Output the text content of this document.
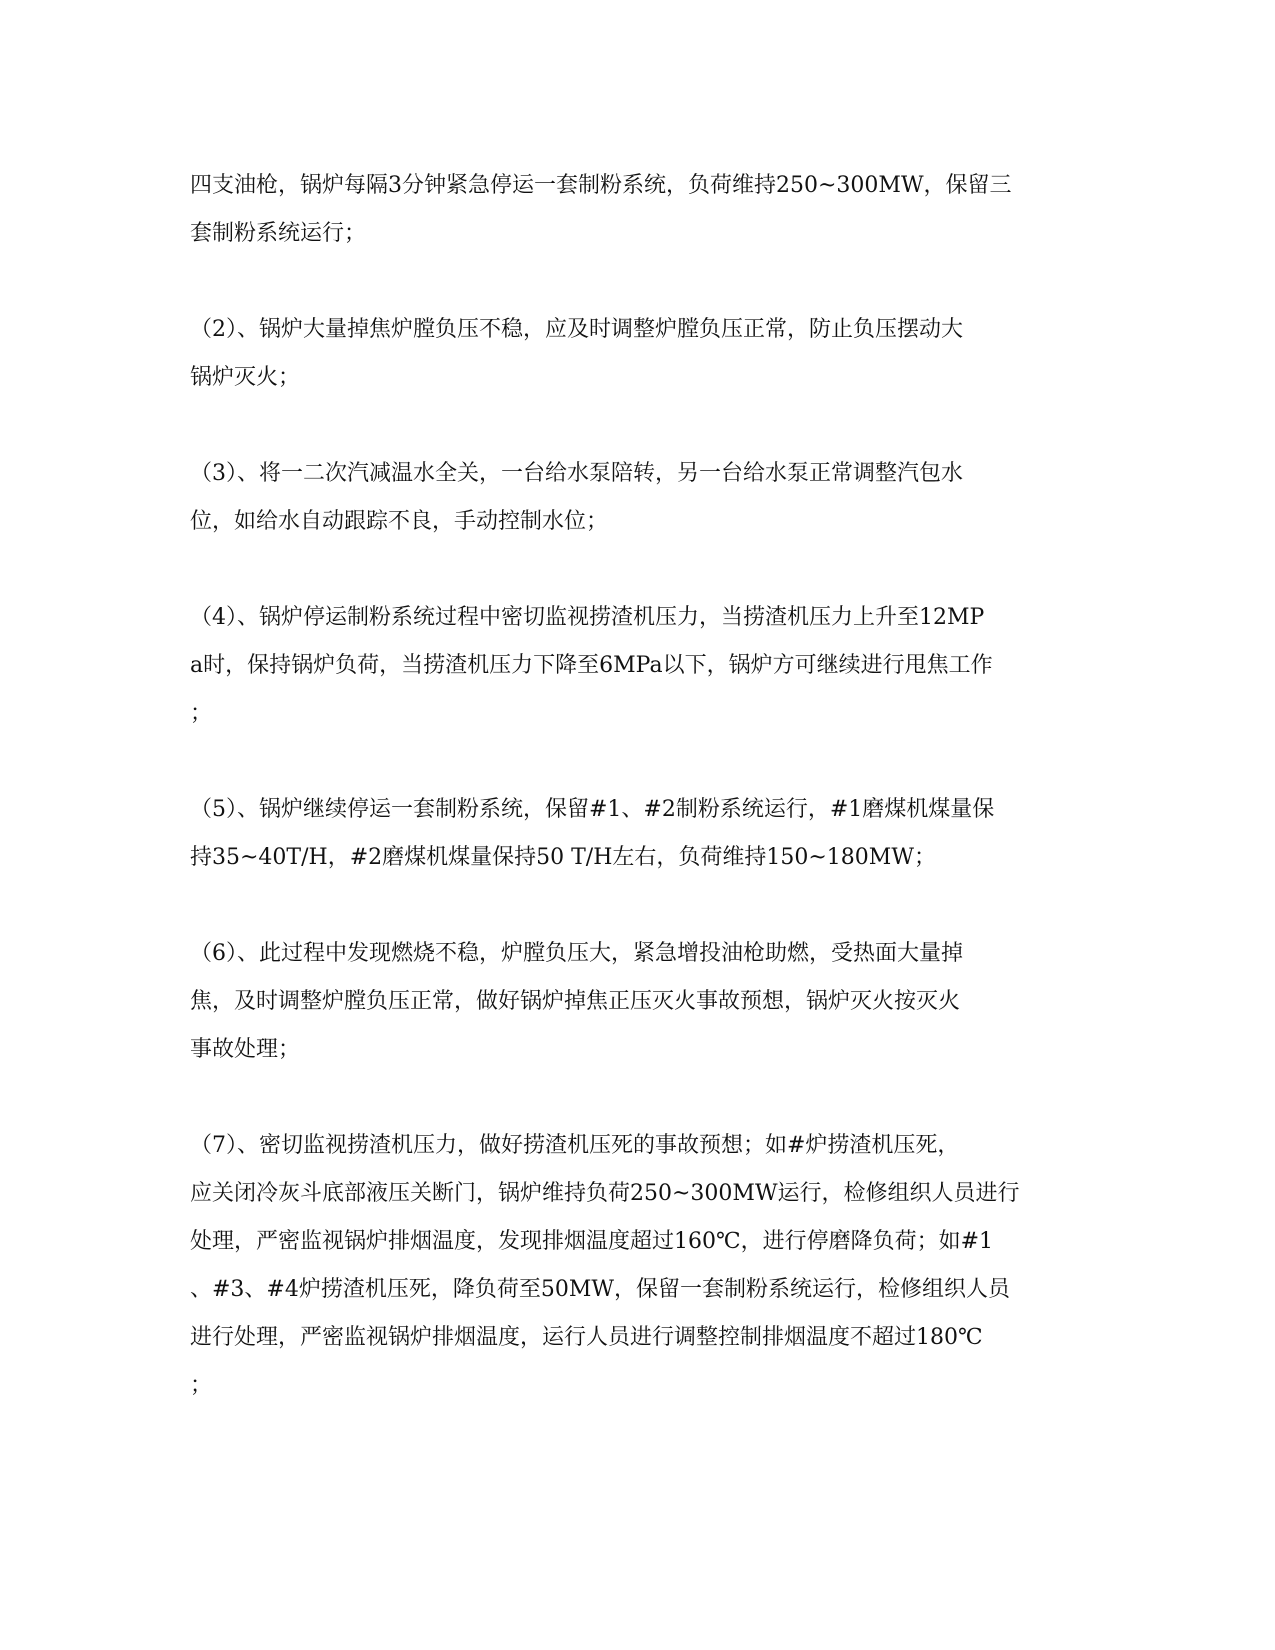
四支油枪，锅炉每隔3分钟紧急停运一套制粉系统，负荷维持250~300MW，保留三
套制粉系统运行；

（2）、锅炉大量掉焦炉膛负压不稳，应及时调整炉膛负压正常，防止负压摆动大
锅炉灭火；

（3）、将一二次汽减温水全关，一台给水泵陪转，另一台给水泵正常调整汽包水
位，如给水自动跟踪不良，手动控制水位；

（4）、锅炉停运制粉系统过程中密切监视捞渣机压力，当捞渣机压力上升至12MP
a时，保持锅炉负荷，当捞渣机压力下降至6MPa以下，锅炉方可继续进行甩焦工作
；

（5）、锅炉继续停运一套制粉系统，保留#1、#2制粉系统运行，#1磨煤机煤量保
持35~40T/H，#2磨煤机煤量保持50 T/H左右，负荷维持150~180MW；

（6）、此过程中发现燃烧不稳，炉膛负压大，紧急增投油枪助燃，受热面大量掉
焦，及时调整炉膛负压正常，做好锅炉掉焦正压灭火事故预想，锅炉灭火按灭火
事故处理；

（7）、密切监视捞渣机压力，做好捞渣机压死的事故预想；如#炉捞渣机压死，
应关闭冷灰斗底部液压关断门，锅炉维持负荷250~300MW运行，检修组织人员进行
处理，严密监视锅炉排烟温度，发现排烟温度超过160℃，进行停磨降负荷；如#1
、#3、#4炉捞渣机压死，降负荷至50MW，保留一套制粉系统运行，检修组织人员
进行处理，严密监视锅炉排烟温度，运行人员进行调整控制排烟温度不超过180℃
；
